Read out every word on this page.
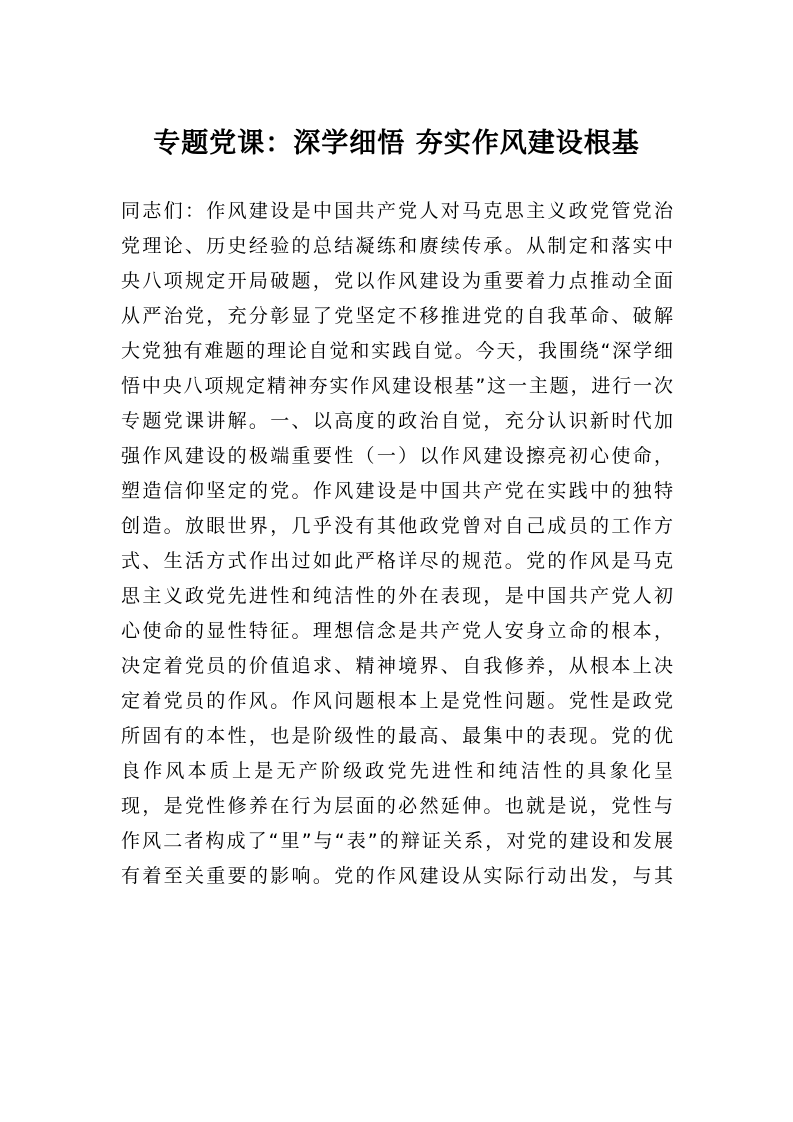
专题党课：深学细悟 夯实作风建设根基
同志们：作风建设是中国共产党人对马克思主义政党管党治
党理论、历史经验的总结凝练和赓续传承。从制定和落实中
央八项规定开局破题，党以作风建设为重要着力点推动全面
从严治党，充分彰显了党坚定不移推进党的自我革命、破解
大党独有难题的理论自觉和实践自觉。今天，我围绕“深学细
悟中央八项规定精神夯实作风建设根基”这一主题，进行一次
专题党课讲解。一、以高度的政治自觉，充分认识新时代加
强作风建设的极端重要性（一）以作风建设擦亮初心使命，
塑造信仰坚定的党。作风建设是中国共产党在实践中的独特
创造。放眼世界，几乎没有其他政党曾对自己成员的工作方
式、生活方式作出过如此严格详尽的规范。党的作风是马克
思主义政党先进性和纯洁性的外在表现，是中国共产党人初
心使命的显性特征。理想信念是共产党人安身立命的根本，
决定着党员的价值追求、精神境界、自我修养，从根本上决
定着党员的作风。作风问题根本上是党性问题。党性是政党
所固有的本性，也是阶级性的最高、最集中的表现。党的优
良作风本质上是无产阶级政党先进性和纯洁性的具象化呈
现，是党性修养在行为层面的必然延伸。也就是说，党性与
作风二者构成了“里”与“表”的辩证关系，对党的建设和发展
有着至关重要的影响。党的作风建设从实际行动出发，与其
